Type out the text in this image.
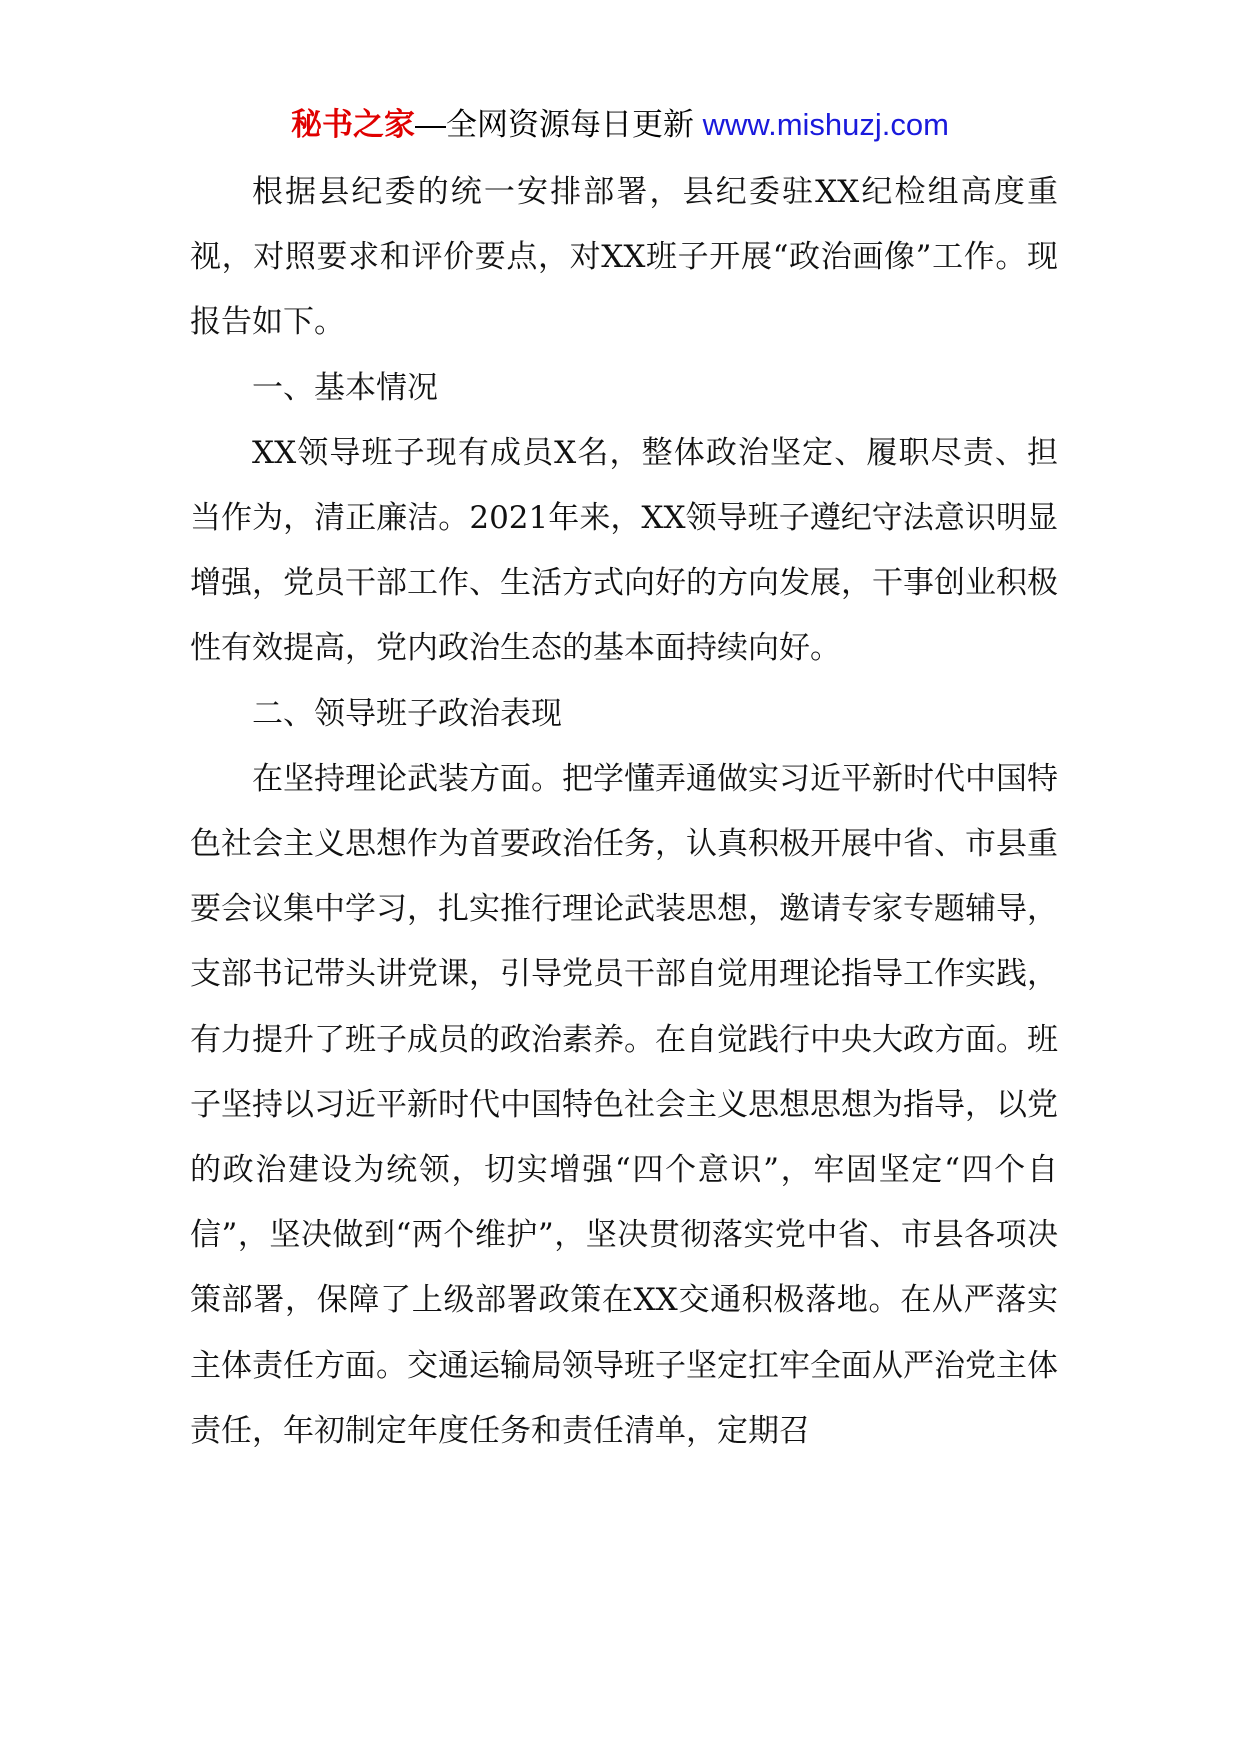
秘书之家—全网资源每日更新 www.mishuzj.com

根据县纪委的统一安排部署，县纪委驻XX纪检组高度重视，对照要求和评价要点，对XX班子开展“政治画像”工作。现报告如下。

一、基本情况

XX领导班子现有成员X名，整体政治坚定、履职尽责、担当作为，清正廉洁。2021年来，XX领导班子遵纪守法意识明显增强，党员干部工作、生活方式向好的方向发展，干事创业积极性有效提高，党内政治生态的基本面持续向好。

二、领导班子政治表现

在坚持理论武装方面。把学懂弄通做实习近平新时代中国特色社会主义思想作为首要政治任务，认真积极开展中省、市县重要会议集中学习，扎实推行理论武装思想，邀请专家专题辅导，支部书记带头讲党课，引导党员干部自觉用理论指导工作实践，有力提升了班子成员的政治素养。在自觉践行中央大政方面。班子坚持以习近平新时代中国特色社会主义思想思想为指导，以党的政治建设为统领，切实增强“四个意识”，牢固坚定“四个自信”，坚决做到“两个维护”，坚决贯彻落实党中省、市县各项决策部署，保障了上级部署政策在XX交通积极落地。在从严落实主体责任方面。交通运输局领导班子坚定扛牢全面从严治党主体责任，年初制定年度任务和责任清单，定期召
